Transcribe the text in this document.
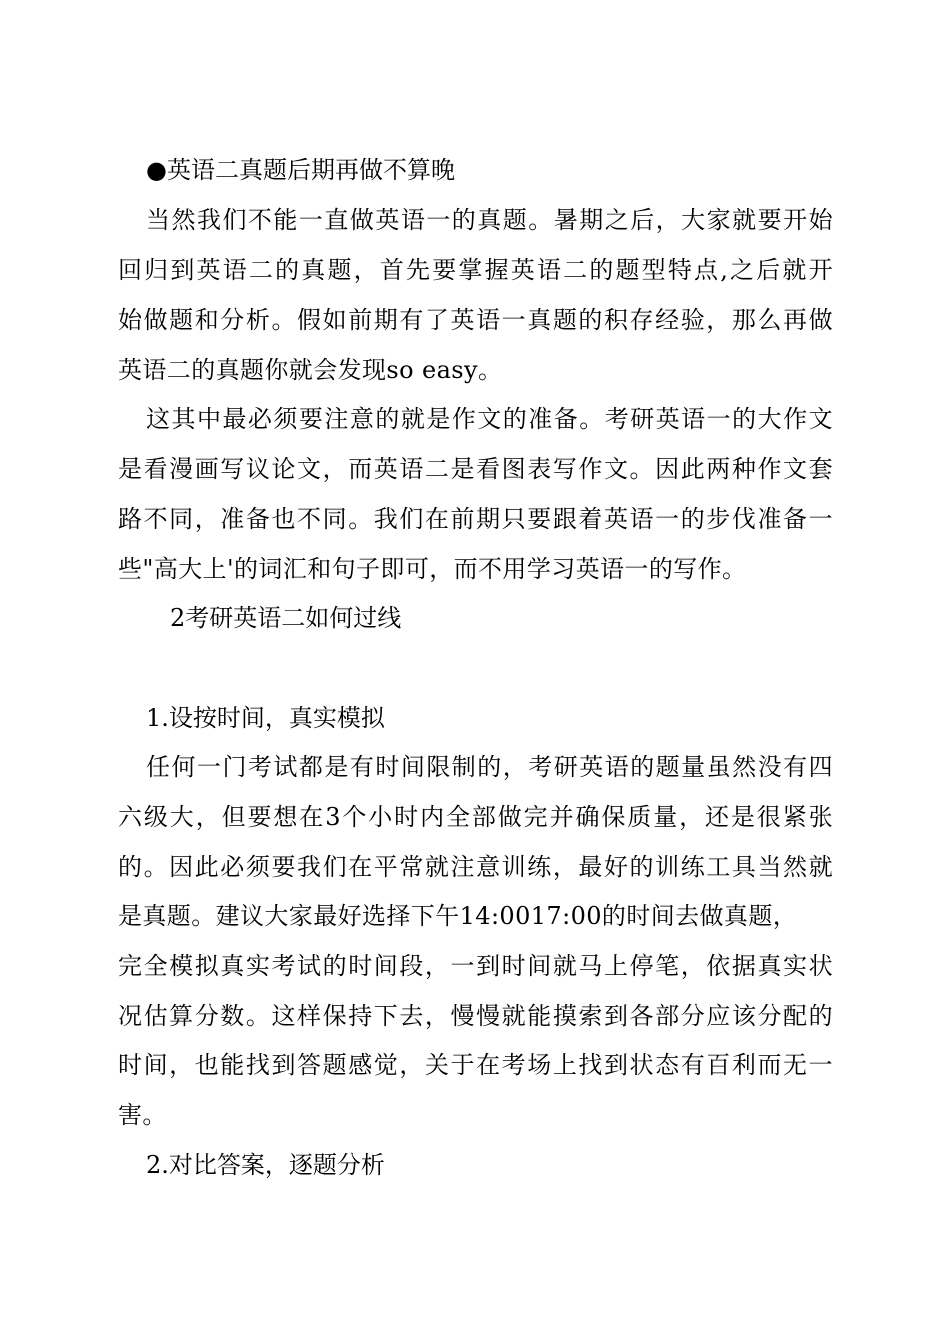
●英语二真题后期再做不算晚
当然我们不能一直做英语一的真题。暑期之后，大家就要开始
回归到英语二的真题，首先要掌握英语二的题型特点,之后就开
始做题和分析。假如前期有了英语一真题的积存经验，那么再做
英语二的真题你就会发现so easy。
这其中最必须要注意的就是作文的准备。考研英语一的大作文
是看漫画写议论文，而英语二是看图表写作文。因此两种作文套
路不同，准备也不同。我们在前期只要跟着英语一的步伐准备一
些"高大上'的词汇和句子即可，而不用学习英语一的写作。
2考研英语二如何过线
1.设按时间，真实模拟
任何一门考试都是有时间限制的，考研英语的题量虽然没有四
六级大，但要想在3个小时内全部做完并确保质量，还是很紧张
的。因此必须要我们在平常就注意训练，最好的训练工具当然就
是真题。建议大家最好选择下午14:0017:00的时间去做真题，
完全模拟真实考试的时间段，一到时间就马上停笔，依据真实状
况估算分数。这样保持下去，慢慢就能摸索到各部分应该分配的
时间，也能找到答题感觉，关于在考场上找到状态有百利而无一
害。
2.对比答案，逐题分析
